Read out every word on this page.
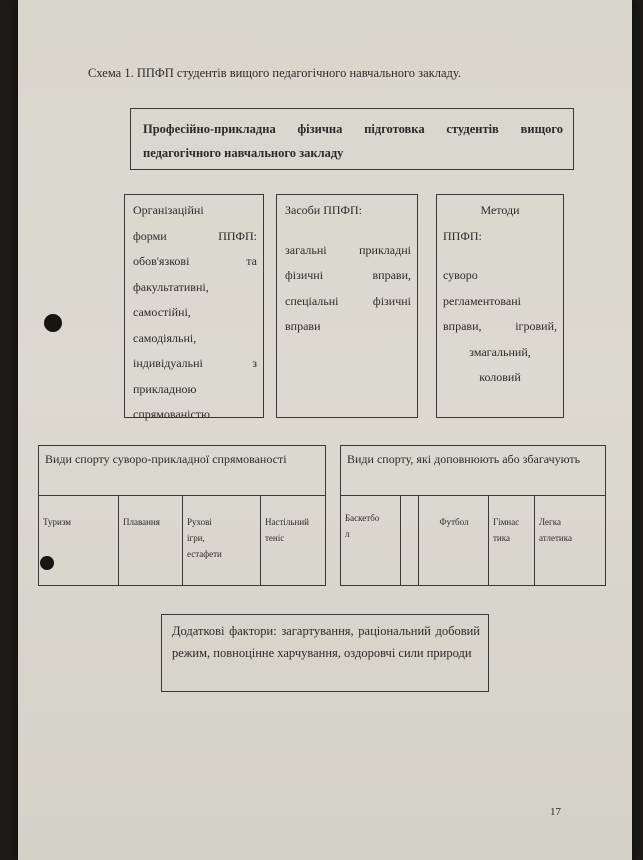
Схема 1. ППФП студентів вищого педагогічного навчального закладу.
Професійно-прикладна фізична підготовка студентів вищого педагогічного навчального закладу
Організаційні
форми ППФП:
обов'язкові та
факультативні,
самостійні,
самодіяльні,
індивідуальні з
прикладною
спрямованістю
Засоби ППФП:
загальні прикладні
фізичні вправи,
спеціальні фізичні
вправи
Методи
ППФП:
суворо
регламентовані
вправи, ігровий,
змагальний,
коловий
Види спорту суворо-прикладної спрямованості
Туризм	Плавання	Рухові ігри, естафети
Настільний теніс
Види спорту, які доповнюють або збагачують
Баскетбол
Футбол	Гімнастика
Легка атлетика
Додаткові фактори: загартування, раціональний добовий режим, повноцінне харчування, оздоровчі сили природи
17
